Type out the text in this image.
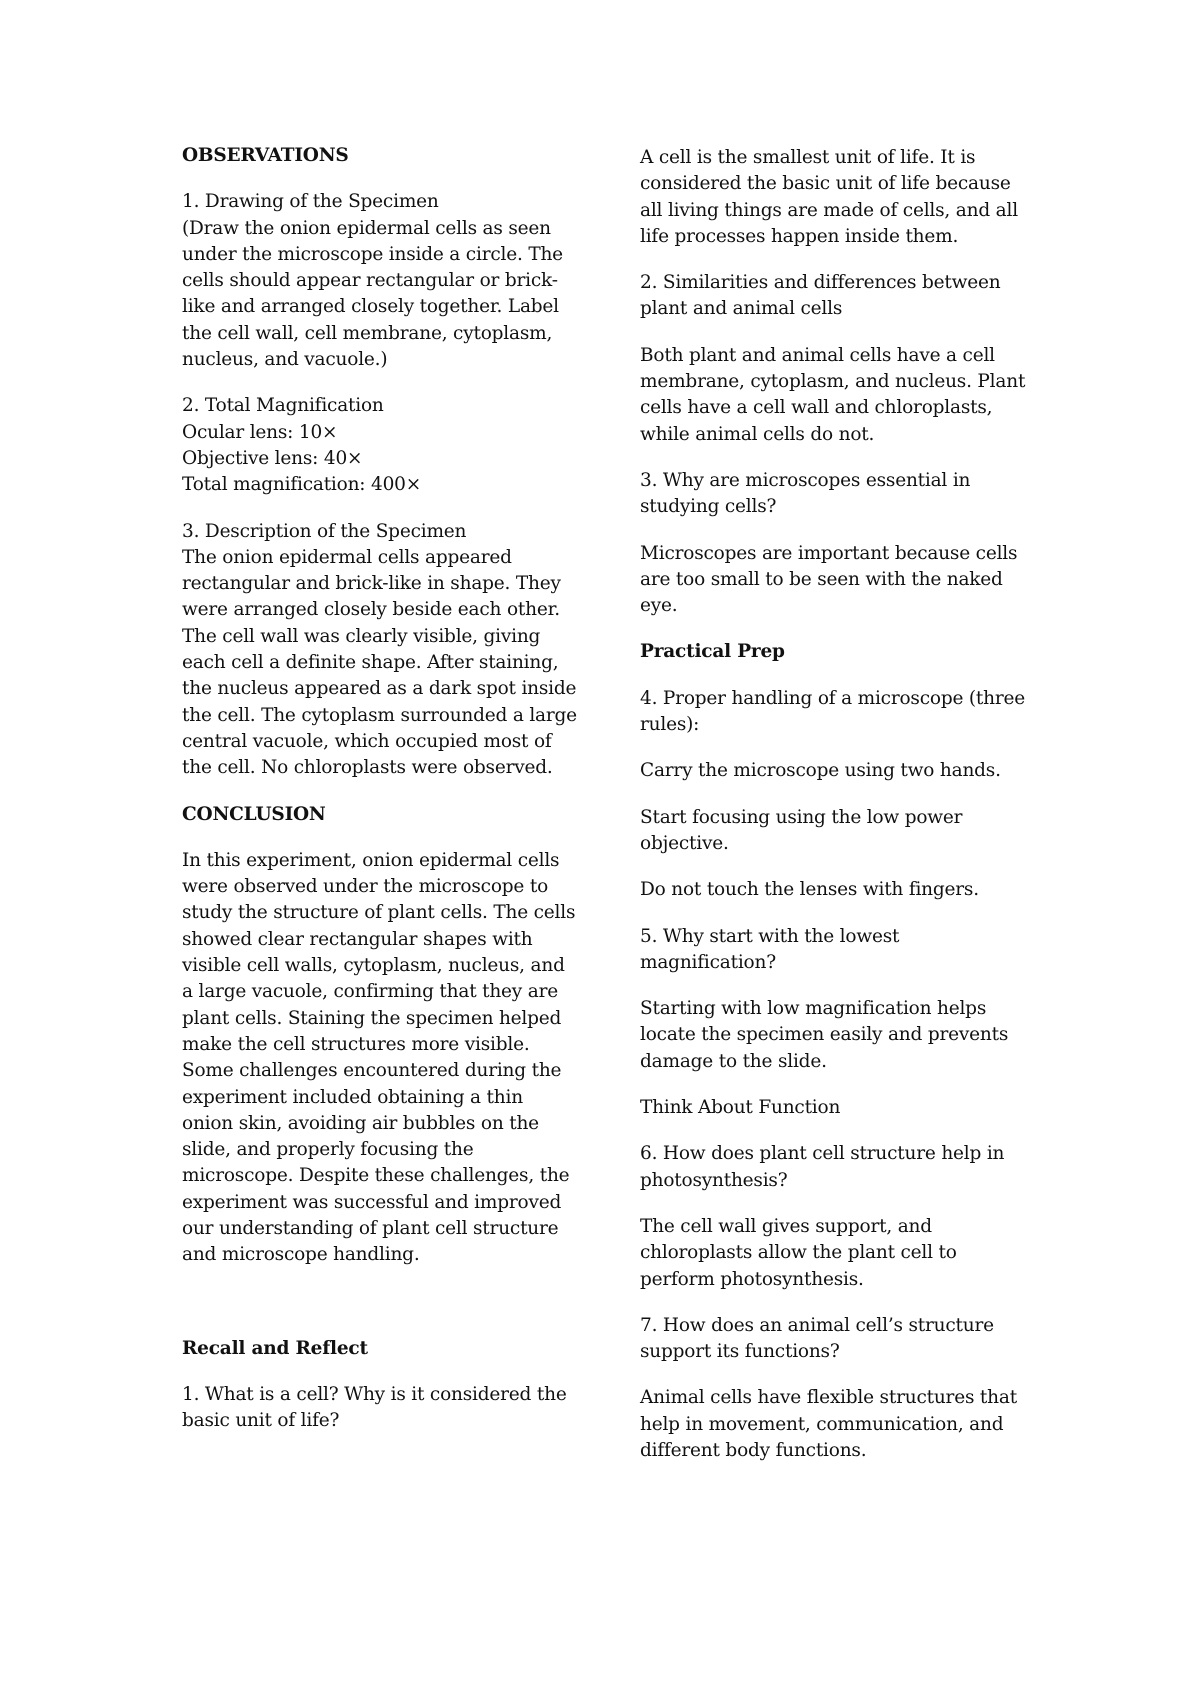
OBSERVATIONS

1. Drawing of the Specimen
(Draw the onion epidermal cells as seen under the microscope inside a circle. The cells should appear rectangular or brick-like and arranged closely together. Label the cell wall, cell membrane, cytoplasm, nucleus, and vacuole.)

2. Total Magnification
Ocular lens: 10×
Objective lens: 40×
Total magnification: 400×

3. Description of the Specimen
The onion epidermal cells appeared rectangular and brick-like in shape. They were arranged closely beside each other. The cell wall was clearly visible, giving each cell a definite shape. After staining, the nucleus appeared as a dark spot inside the cell. The cytoplasm surrounded a large central vacuole, which occupied most of the cell. No chloroplasts were observed.

CONCLUSION

In this experiment, onion epidermal cells were observed under the microscope to study the structure of plant cells. The cells showed clear rectangular shapes with visible cell walls, cytoplasm, nucleus, and a large vacuole, confirming that they are plant cells. Staining the specimen helped make the cell structures more visible. Some challenges encountered during the experiment included obtaining a thin onion skin, avoiding air bubbles on the slide, and properly focusing the microscope. Despite these challenges, the experiment was successful and improved our understanding of plant cell structure and microscope handling.

Recall and Reflect

1. What is a cell? Why is it considered the basic unit of life?

A cell is the smallest unit of life. It is considered the basic unit of life because all living things are made of cells, and all life processes happen inside them.

2. Similarities and differences between plant and animal cells

Both plant and animal cells have a cell membrane, cytoplasm, and nucleus. Plant cells have a cell wall and chloroplasts, while animal cells do not.

3. Why are microscopes essential in studying cells?

Microscopes are important because cells are too small to be seen with the naked eye.

Practical Prep

4. Proper handling of a microscope (three rules):

Carry the microscope using two hands.

Start focusing using the low power objective.

Do not touch the lenses with fingers.

5. Why start with the lowest magnification?

Starting with low magnification helps locate the specimen easily and prevents damage to the slide.

Think About Function

6. How does plant cell structure help in photosynthesis?

The cell wall gives support, and chloroplasts allow the plant cell to perform photosynthesis.

7. How does an animal cell’s structure support its functions?

Animal cells have flexible structures that help in movement, communication, and different body functions.
